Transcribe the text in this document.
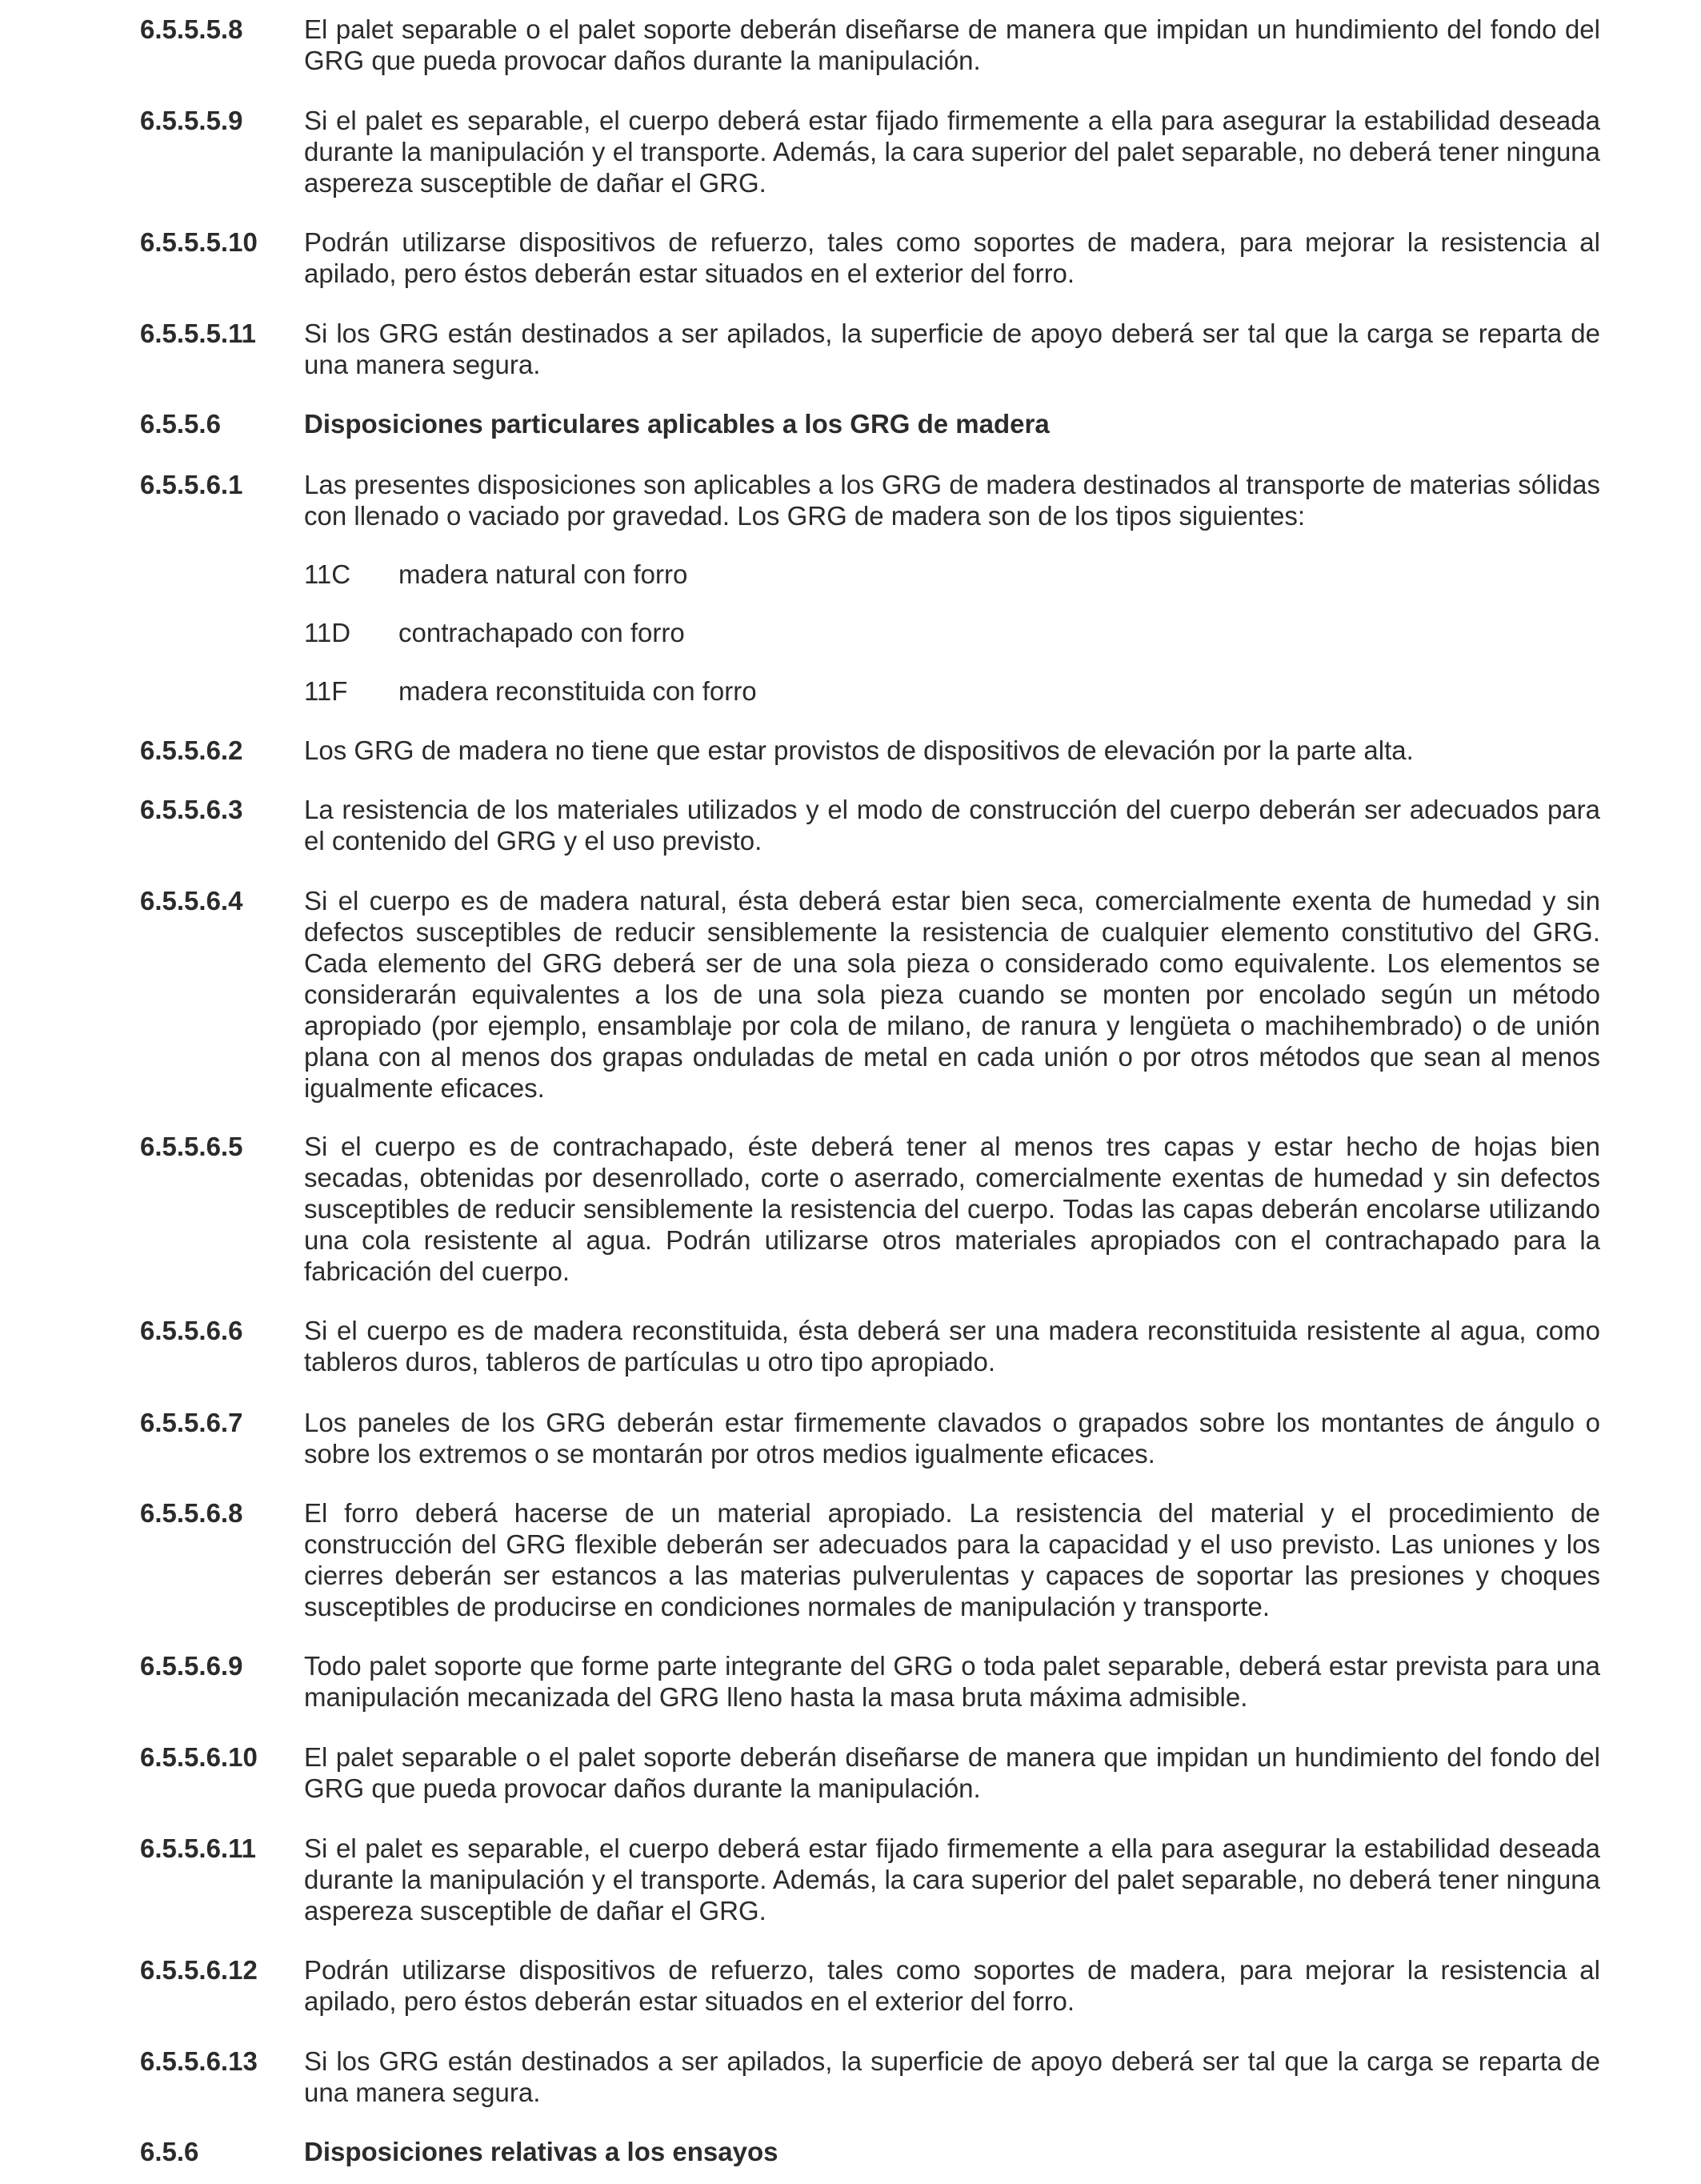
6.5.5.5.8 El palet separable o el palet soporte deberán diseñarse de manera que impidan un hundimiento del fondo del GRG que pueda provocar daños durante la manipulación.
6.5.5.5.9 Si el palet es separable, el cuerpo deberá estar fijado firmemente a ella para asegurar la estabilidad deseada durante la manipulación y el transporte. Además, la cara superior del palet separable, no deberá tener ninguna aspereza susceptible de dañar el GRG.
6.5.5.5.10 Podrán utilizarse dispositivos de refuerzo, tales como soportes de madera, para mejorar la resistencia al apilado, pero éstos deberán estar situados en el exterior del forro.
6.5.5.5.11 Si los GRG están destinados a ser apilados, la superficie de apoyo deberá ser tal que la carga se reparta de una manera segura.
6.5.5.6	Disposiciones particulares aplicables a los GRG de madera
6.5.5.6.1 Las presentes disposiciones son aplicables a los GRG de madera destinados al transporte de materias sólidas con llenado o vaciado por gravedad. Los GRG de madera son de los tipos siguientes:
11C madera natural con forro
11D contrachapado con forro
11F madera reconstituida con forro
6.5.5.6.2 Los GRG de madera no tiene que estar provistos de dispositivos de elevación por la parte alta.
6.5.5.6.3 La resistencia de los materiales utilizados y el modo de construcción del cuerpo deberán ser adecuados para el contenido del GRG y el uso previsto.
6.5.5.6.4 Si el cuerpo es de madera natural, ésta deberá estar bien seca, comercialmente exenta de humedad y sin defectos susceptibles de reducir sensiblemente la resistencia de cualquier elemento constitutivo del GRG. Cada elemento del GRG deberá ser de una sola pieza o considerado como equivalente. Los elementos se considerarán equivalentes a los de una sola pieza cuando se monten por encolado según un método apropiado (por ejemplo, ensamblaje por cola de milano, de ranura y lengüeta o machihembrado) o de unión plana con al menos dos grapas onduladas de metal en cada unión o por otros métodos que sean al menos igualmente eficaces.
6.5.5.6.5 Si el cuerpo es de contrachapado, éste deberá tener al menos tres capas y estar hecho de hojas bien secadas, obtenidas por desenrollado, corte o aserrado, comercialmente exentas de humedad y sin defectos susceptibles de reducir sensiblemente la resistencia del cuerpo. Todas las capas deberán encolarse utilizando una cola resistente al agua. Podrán utilizarse otros materiales apropiados con el contrachapado para la fabricación del cuerpo.
6.5.5.6.6 Si el cuerpo es de madera reconstituida, ésta deberá ser una madera reconstituida resistente al agua, como tableros duros, tableros de partículas u otro tipo apropiado.
6.5.5.6.7 Los paneles de los GRG deberán estar firmemente clavados o grapados sobre los montantes de ángulo o sobre los extremos o se montarán por otros medios igualmente eficaces.
6.5.5.6.8 El forro deberá hacerse de un material apropiado. La resistencia del material y el procedimiento de construcción del GRG flexible deberán ser adecuados para la capacidad y el uso previsto. Las uniones y los cierres deberán ser estancos a las materias pulverulentas y capaces de soportar las presiones y choques susceptibles de producirse en condiciones normales de manipulación y transporte.
6.5.5.6.9 Todo palet soporte que forme parte integrante del GRG o toda palet separable, deberá estar prevista para una manipulación mecanizada del GRG lleno hasta la masa bruta máxima admisible.
6.5.5.6.10 El palet separable o el palet soporte deberán diseñarse de manera que impidan un hundimiento del fondo del GRG que pueda provocar daños durante la manipulación.
6.5.5.6.11 Si el palet es separable, el cuerpo deberá estar fijado firmemente a ella para asegurar la estabilidad deseada durante la manipulación y el transporte. Además, la cara superior del palet separable, no deberá tener ninguna aspereza susceptible de dañar el GRG.
6.5.5.6.12 Podrán utilizarse dispositivos de refuerzo, tales como soportes de madera, para mejorar la resistencia al apilado, pero éstos deberán estar situados en el exterior del forro.
6.5.5.6.13 Si los GRG están destinados a ser apilados, la superficie de apoyo deberá ser tal que la carga se reparta de una manera segura.
6.5.6	Disposiciones relativas a los ensayos
